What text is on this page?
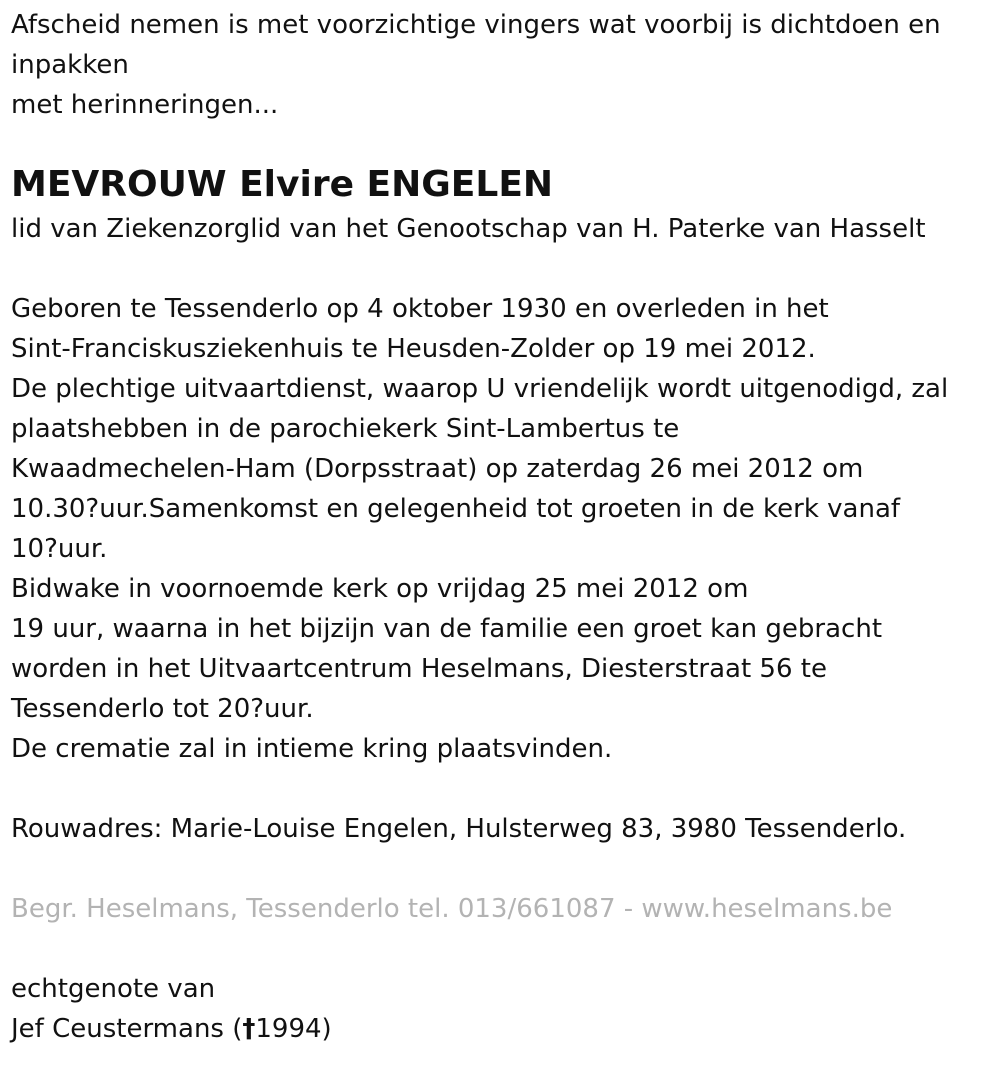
Afscheid nemen is met voorzichtige vingers wat voorbij is dichtdoen en
inpakken
met herinneringen...
MEVROUW Elvire ENGELEN
lid van Ziekenzorglid van het Genootschap van H. Paterke van Hasselt
Geboren te Tessenderlo op 4 oktober 1930 en overleden in het
Sint-Franciskusziekenhuis te Heusden-Zolder op 19 mei 2012.
De plechtige uitvaartdienst, waarop U vriendelijk wordt uitgenodigd, zal
plaatshebben in de parochiekerk Sint-Lambertus te
Kwaadmechelen-Ham (Dorpsstraat) op zaterdag 26 mei 2012 om
10.30?uur.Samenkomst en gelegenheid tot groeten in de kerk vanaf
10?uur.
Bidwake in voornoemde kerk op vrijdag 25 mei 2012 om
19 uur, waarna in het bijzijn van de familie een groet kan gebracht
worden in het Uitvaartcentrum Heselmans, Diesterstraat 56 te
Tessenderlo tot 20?uur.
De crematie zal in intieme kring plaatsvinden.
Rouwadres: Marie-Louise Engelen, Hulsterweg 83, 3980 Tessenderlo.
Begr. Heselmans, Tessenderlo tel. 013/661087 - www.heselmans.be
echtgenote van
Jef Ceustermans (†1994)
